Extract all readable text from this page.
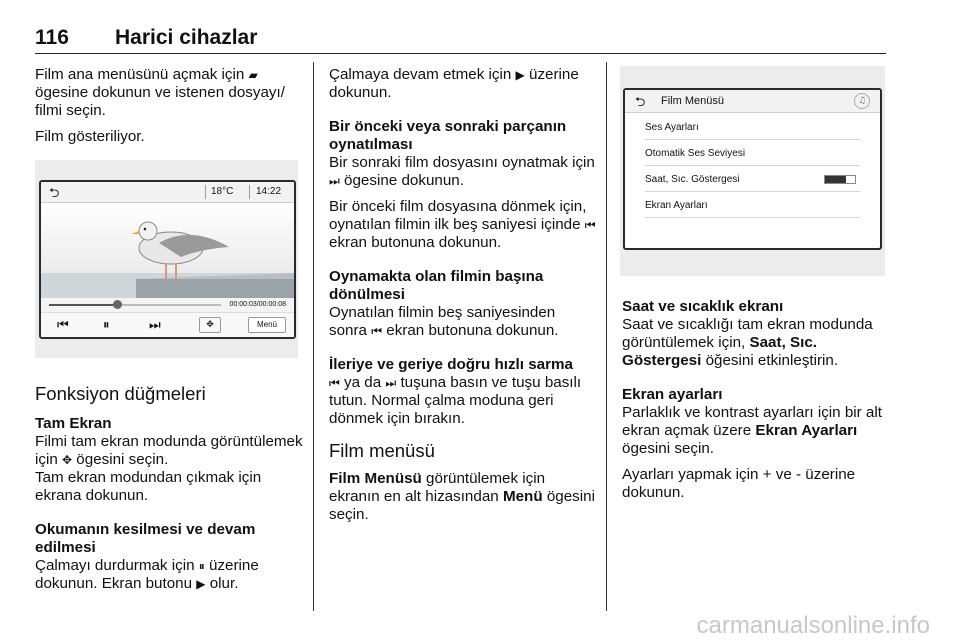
116 Harici cihazlar

Film ana menüsünü açmak için ▰ ögesine dokunun ve istenen dosyayı/ filmi seçin.

Film gösteriliyor.

⮌	18°C 14:22
00:00:03/00:00:08
⏮	⏸	⏭	✥	Menü
Fonksiyon düğmeleri
Tam Ekran

Filmi tam ekran modunda görüntülemek için ✥ ögesini seçin.

Tam ekran modundan çıkmak için ekrana dokunun.

Okumanın kesilmesi ve devam edilmesi

Çalmayı durdurmak için ⏸ üzerine dokunun. Ekran butonu ▶ olur.

Çalmaya devam etmek için ▶ üzerine dokunun.

Bir önceki veya sonraki parçanın oynatılması

Bir sonraki film dosyasını oynatmak için ⏭ ögesine dokunun.

Bir önceki film dosyasına dönmek için, oynatılan filmin ilk beş saniyesi içinde ⏮ ekran butonuna dokunun.

Oynamakta olan filmin başına dönülmesi

Oynatılan filmin beş saniyesinden sonra ⏮ ekran butonuna dokunun.

İleriye ve geriye doğru hızlı sarma

⏮ ya da ⏭ tuşuna basın ve tuşu basılı tutun. Normal çalma moduna geri dönmek için bırakın.

Film menüsü

Film Menüsü görüntülemek için ekranın en alt hizasından Menü ögesini seçin.

⮌ Film Menüsü	♫
Ses Ayarları
Otomatik Ses Seviyesi
Saat, Sıc. Göstergesi
Ekran Ayarları
Saat ve sıcaklık ekranı

Saat ve sıcaklığı tam ekran modunda görüntülemek için, Saat, Sıc. Göstergesi öğesini etkinleştirin.

Ekran ayarları

Parlaklık ve kontrast ayarları için bir alt ekran açmak üzere Ekran Ayarları ögesini seçin.

Ayarları yapmak için + ve - üzerine dokunun.

carmanualsonline.info
